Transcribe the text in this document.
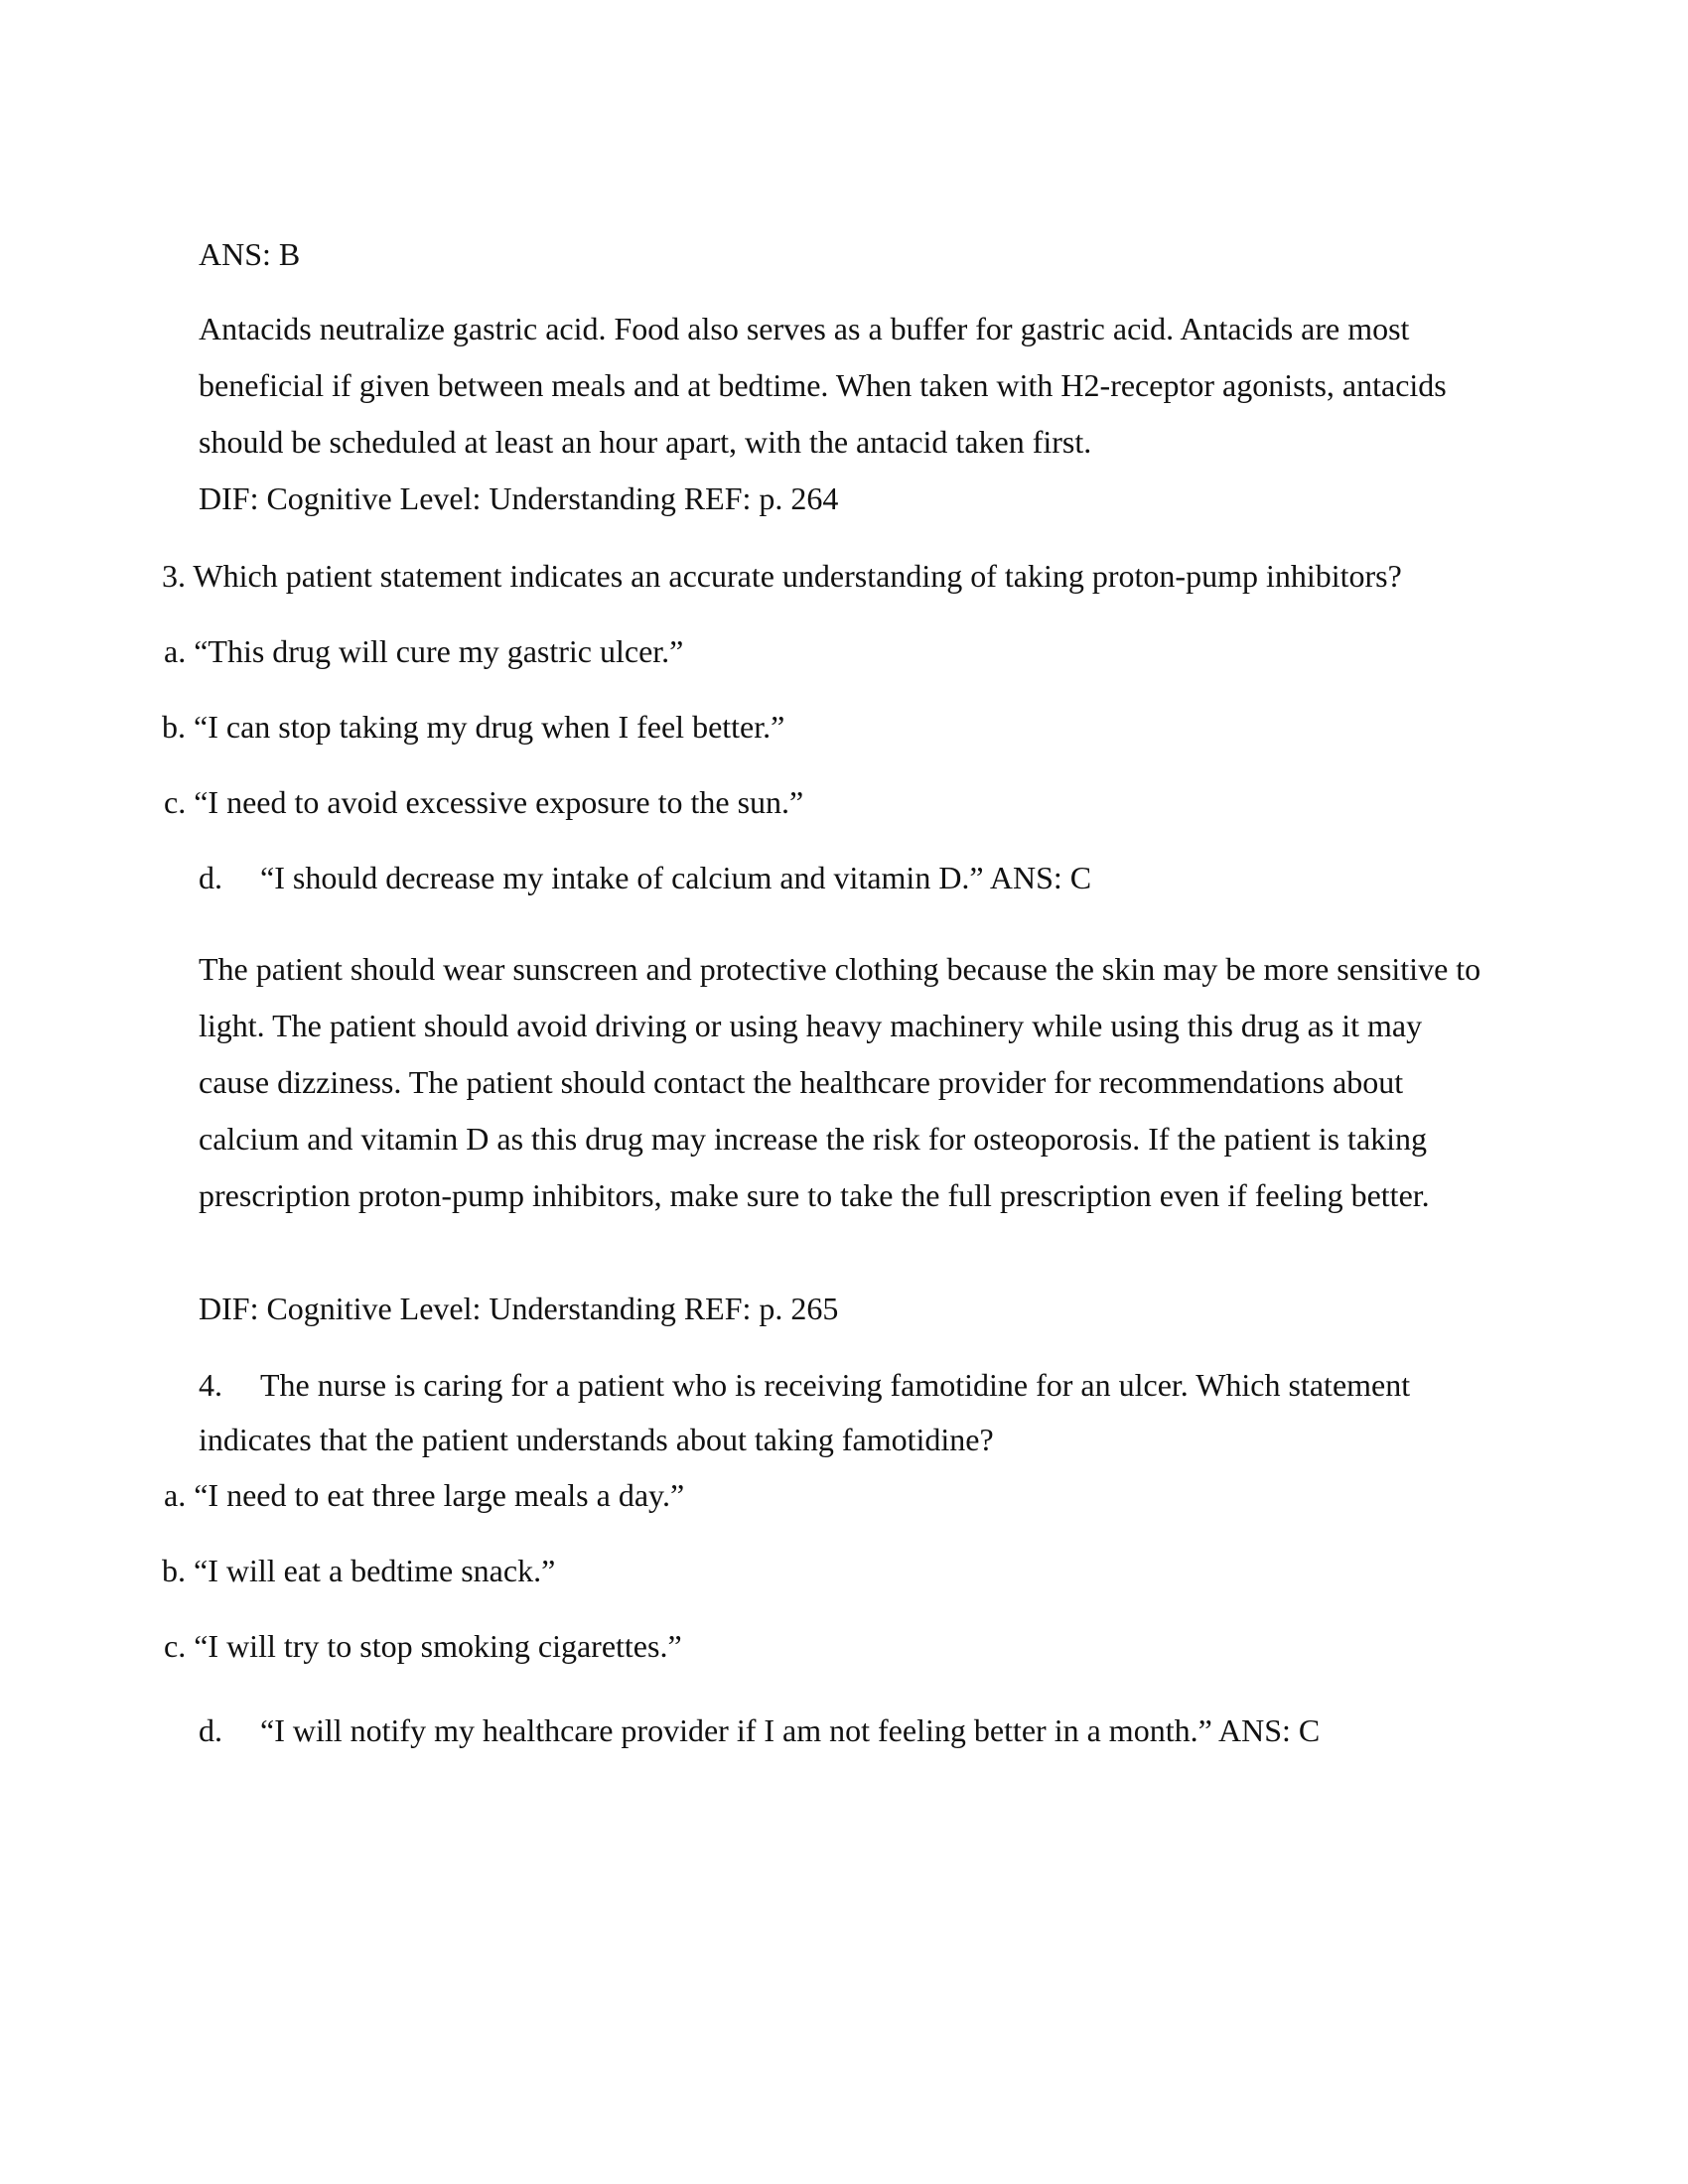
ANS: B
Antacids neutralize gastric acid. Food also serves as a buffer for gastric acid. Antacids are most beneficial if given between meals and at bedtime. When taken with H2-receptor agonists, antacids should be scheduled at least an hour apart, with the antacid taken first.
DIF: Cognitive Level: Understanding REF: p. 264
3. Which patient statement indicates an accurate understanding of taking proton-pump inhibitors?
a. “This drug will cure my gastric ulcer.”
b. “I can stop taking my drug when I feel better.”
c. “I need to avoid excessive exposure to the sun.”
d. “I should decrease my intake of calcium and vitamin D.” ANS: C
The patient should wear sunscreen and protective clothing because the skin may be more sensitive to light. The patient should avoid driving or using heavy machinery while using this drug as it may cause dizziness. The patient should contact the healthcare provider for recommendations about calcium and vitamin D as this drug may increase the risk for osteoporosis. If the patient is taking prescription proton-pump inhibitors, make sure to take the full prescription even if feeling better.
DIF: Cognitive Level: Understanding REF: p. 265
4. The nurse is caring for a patient who is receiving famotidine for an ulcer. Which statement
indicates that the patient understands about taking famotidine?
a. “I need to eat three large meals a day.”
b. “I will eat a bedtime snack.”
c. “I will try to stop smoking cigarettes.”
d. “I will notify my healthcare provider if I am not feeling better in a month.” ANS: C
